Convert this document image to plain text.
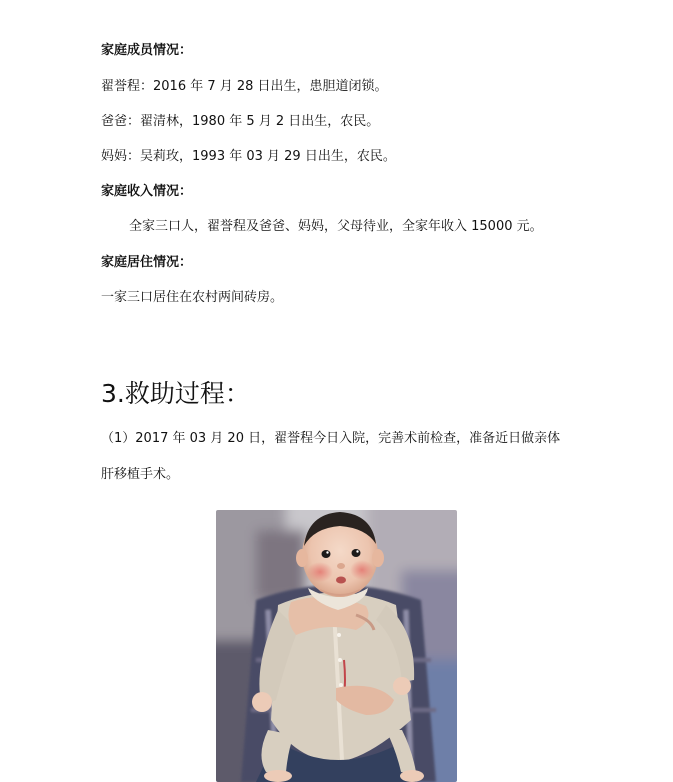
家庭成员情况：
翟誉程：2016 年 7 月 28 日出生，患胆道闭锁。
爸爸：翟清林，1980 年 5 月 2 日出生，农民。
妈妈：吴莉玫，1993 年 03 月 29 日出生，农民。
家庭收入情况：
全家三口人，翟誉程及爸爸、妈妈，父母待业，全家年收入 15000 元。
家庭居住情况：
一家三口居住在农村两间砖房。
3.救助过程：
（1）2017 年 03 月 20 日，翟誉程今日入院，完善术前检查，准备近日做亲体
肝移植手术。
